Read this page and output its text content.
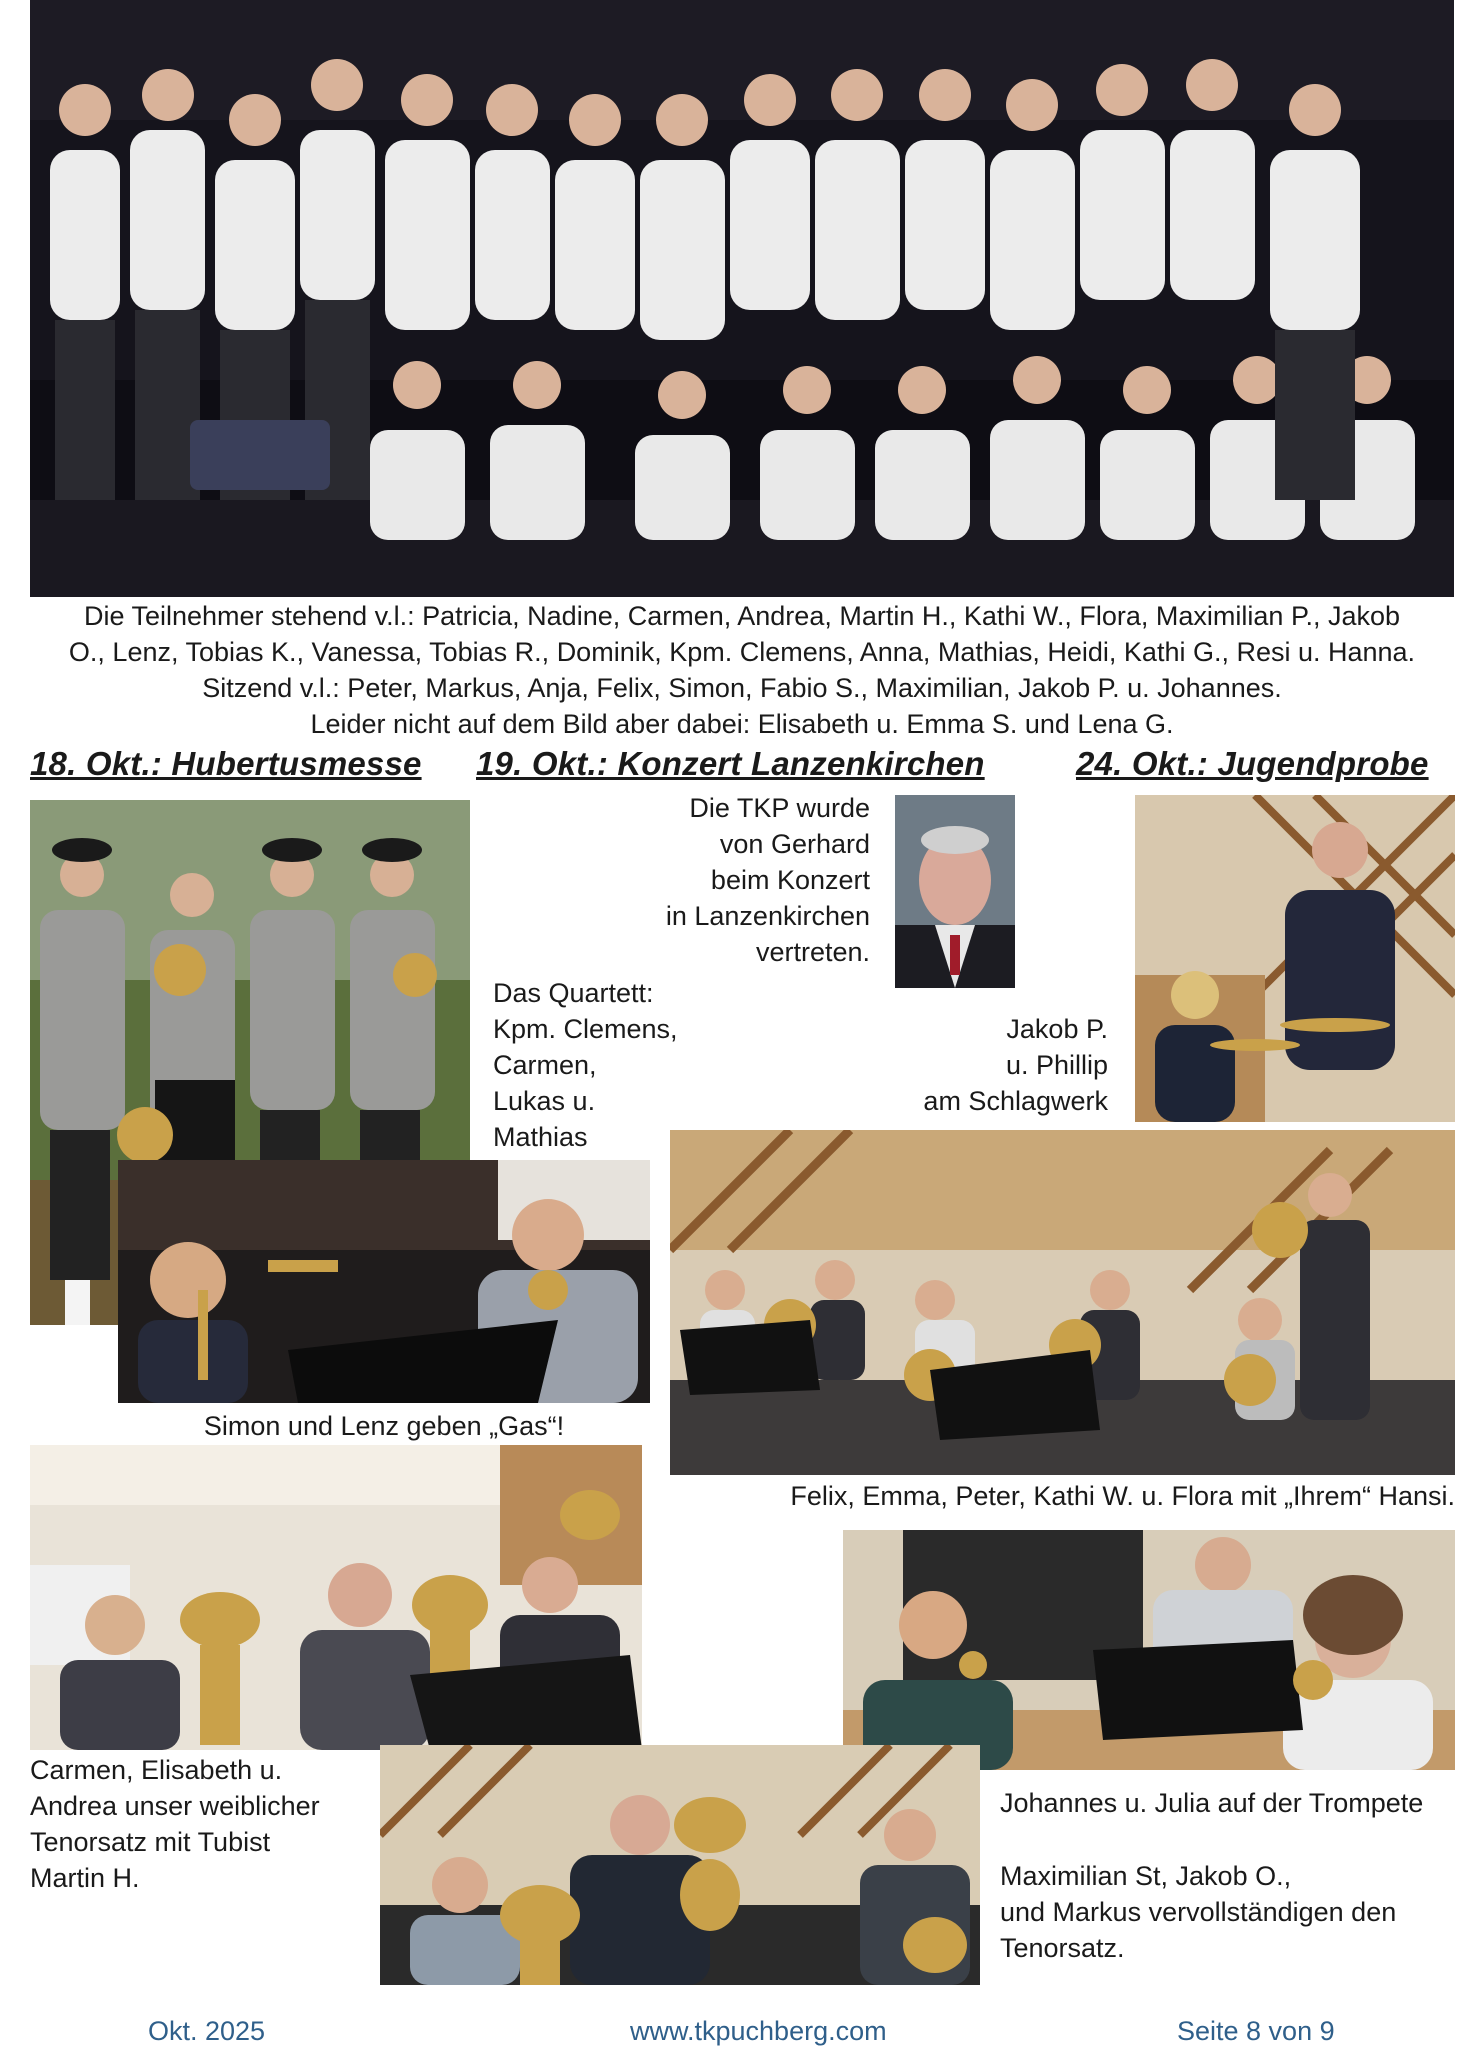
Die Teilnehmer stehend v.l.: Patricia, Nadine, Carmen, Andrea, Martin H., Kathi W., Flora, Maximilian P., Jakob
O., Lenz, Tobias K., Vanessa, Tobias R., Dominik, Kpm. Clemens, Anna, Mathias, Heidi, Kathi G., Resi u. Hanna.
Sitzend v.l.: Peter, Markus, Anja, Felix, Simon, Fabio S., Maximilian, Jakob P. u. Johannes.
Leider nicht auf dem Bild aber dabei: Elisabeth u. Emma S. und Lena G.
18. Okt.: Hubertusmesse 19. Okt.: Konzert Lanzenkirchen	24. Okt.: Jugendprobe
Die TKP wurde
von Gerhard
beim Konzert
in Lanzenkirchen
vertreten.
Das Quartett:
Kpm. Clemens,
Carmen,
Lukas u.
Mathias
Jakob P.
u. Phillip
am Schlagwerk
Simon und Lenz geben „Gas“!
Felix, Emma, Peter, Kathi W. u. Flora mit „Ihrem“ Hansi.
Carmen, Elisabeth u.
Andrea unser weiblicher
Tenorsatz mit Tubist
Martin H.
Johannes u. Julia auf der Trompete
Maximilian St, Jakob O.,
und Markus vervollständigen den
Tenorsatz.
Okt. 2025	www.tkpuchberg.com	Seite 8 von 9
